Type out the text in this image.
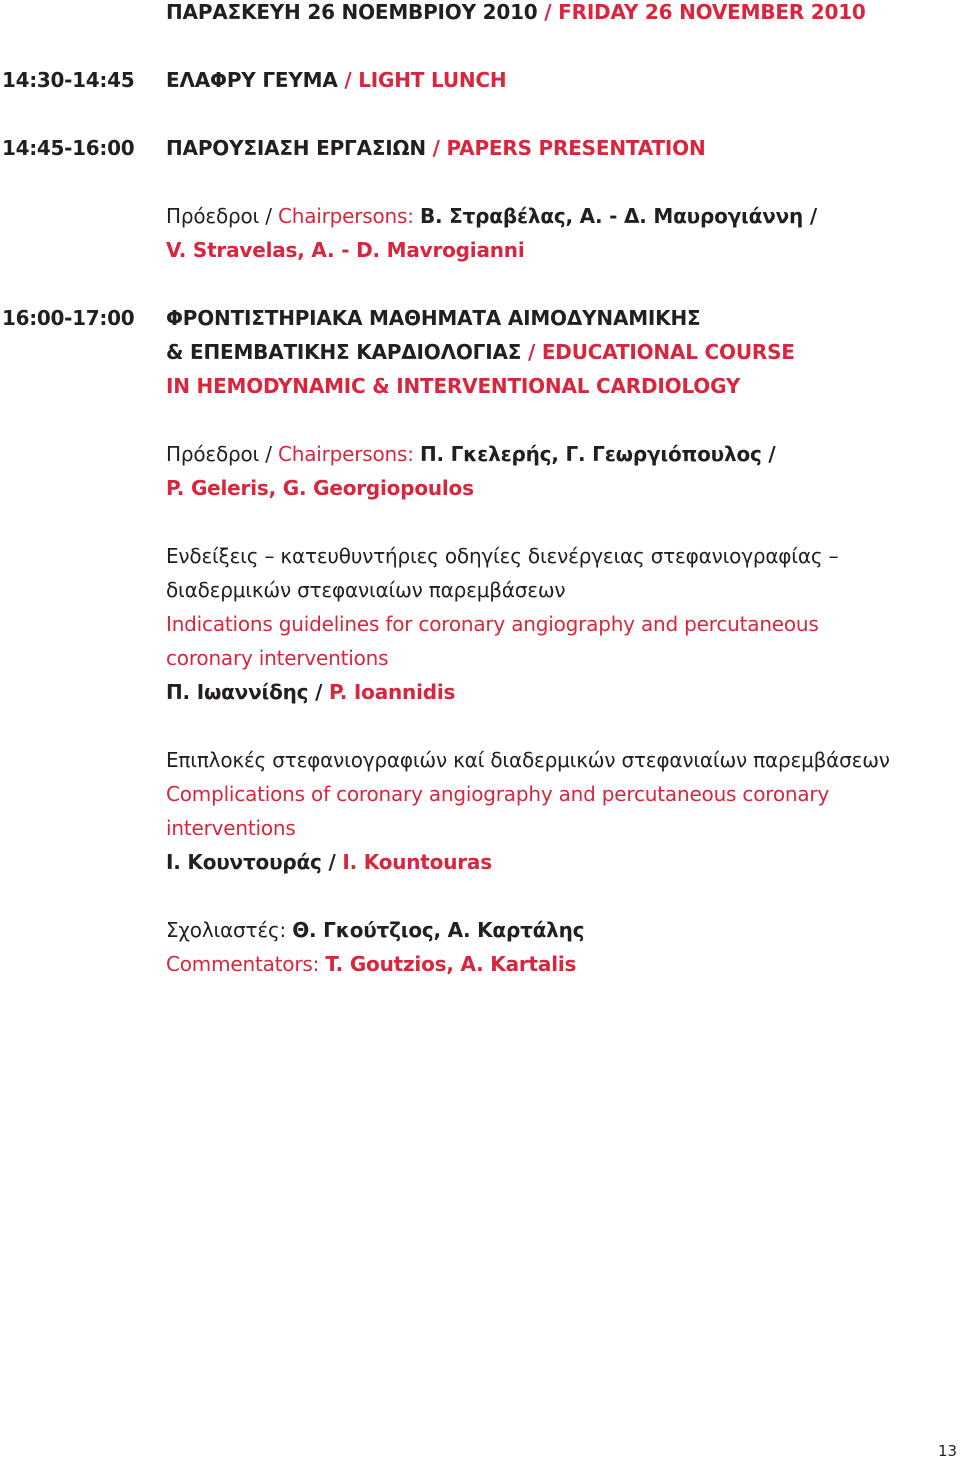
ΠΑΡΑΣΚΕΥΗ 26 ΝΟΕΜΒΡΙΟΥ 2010 / FRIDAY 26 NOVEMBER 2010
14:30-14:45 ΕΛΑΦΡΥ ΓΕΥΜΑ / LIGHT LUNCH
14:45-16:00 ΠΑΡΟΥΣΙΑΣΗ ΕΡΓΑΣΙΩΝ / PAPERS PRESENTATION
Πρόεδροι / Chairpersons: Β. Στραβέλας, Α. - Δ. Μαυρογιάννη /
V. Stravelas, A. - D. Mavrogianni
16:00-17:00 ΦΡΟΝΤΙΣΤΗΡΙΑΚΑ ΜΑΘΗΜΑΤΑ ΑΙΜΟΔΥΝΑΜΙΚΗΣ
& ΕΠΕΜΒΑΤΙΚΗΣ ΚΑΡΔΙΟΛΟΓΙΑΣ / EDUCATIONAL COURSE
IN HEMODYNAMIC & INTERVENTIONAL CARDIOLOGY
Πρόεδροι / Chairpersons: Π. Γκελερής, Γ. Γεωργιόπουλος /
P. Geleris, G. Georgiopoulos
Ενδείξεις – κατευθυντήριες οδηγίες διενέργειας στεφανιογραφίας –
διαδερμικών στεφανιαίων παρεμβάσεων
Indications guidelines for coronary angiography and percutaneous
coronary interventions
Π. Ιωαννίδης / P. Ioannidis
Επιπλοκές στεφανιογραφιών καί διαδερμικών στεφανιαίων παρεμβάσεων
Complications of coronary angiography and percutaneous coronary
interventions
Ι. Κουντουράς / I. Kountouras
Σχολιαστές: Θ. Γκούτζιος, Α. Καρτάλης
Commentators: T. Goutzios, A. Kartalis
13
